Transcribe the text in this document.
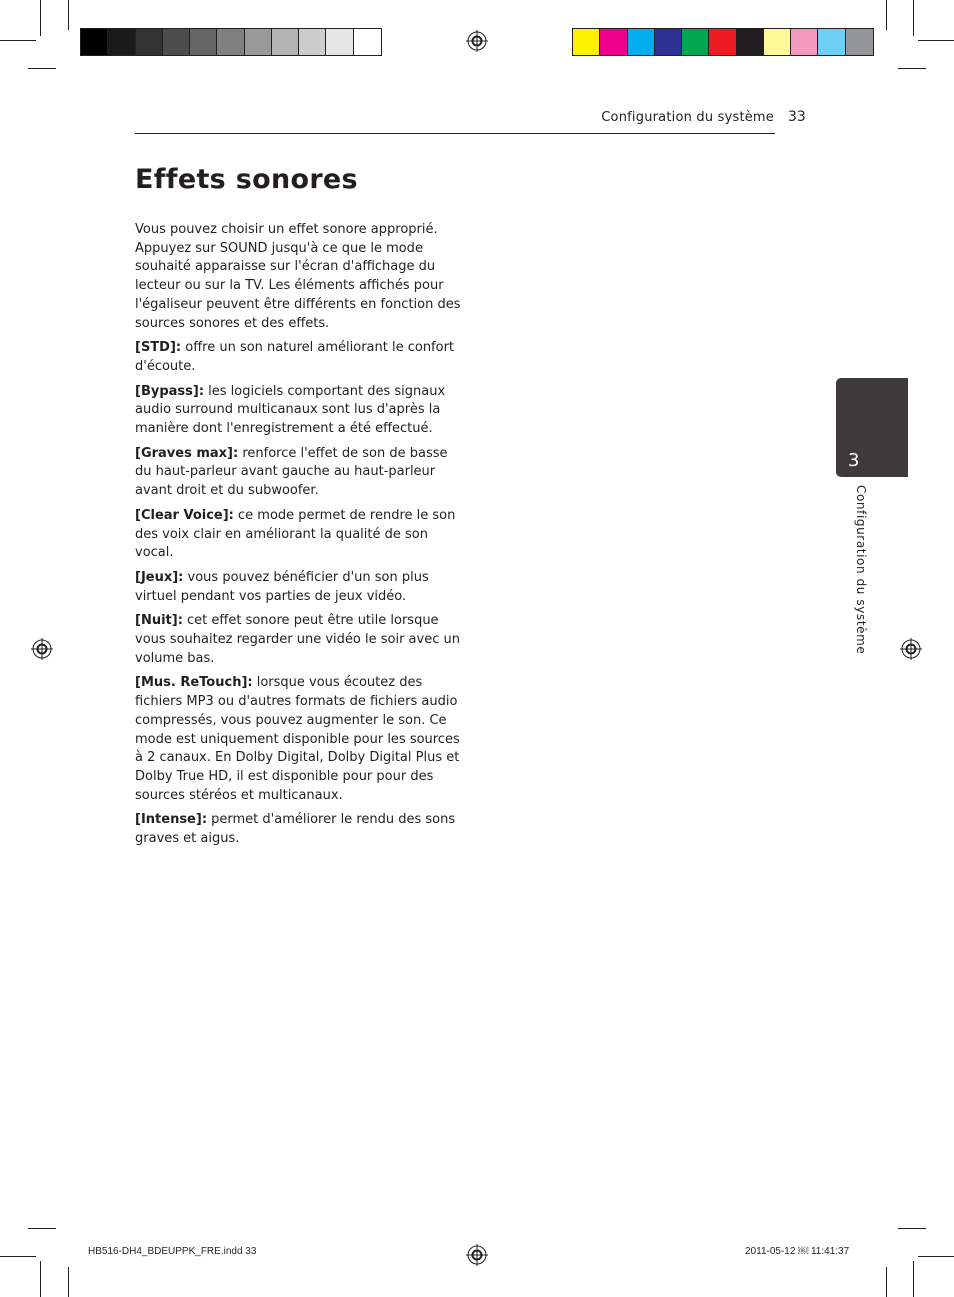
Configuration du système 33
Effets sonores

Vous pouvez choisir un effet sonore approprié. Appuyez sur SOUND jusqu'à ce que le mode souhaité apparaisse sur l'écran d'affichage du lecteur ou sur la TV. Les éléments affichés pour l'égaliseur peuvent être différents en fonction des sources sonores et des effets.

[STD]: offre un son naturel améliorant le confort d'écoute.

[Bypass]: les logiciels comportant des signaux audio surround multicanaux sont lus d'après la manière dont l'enregistrement a été effectué.

[Graves max]: renforce l'effet de son de basse du haut-parleur avant gauche au haut-parleur avant droit et du subwoofer.

[Clear Voice]: ce mode permet de rendre le son des voix clair en améliorant la qualité de son vocal.

[Jeux]: vous pouvez bénéficier d'un son plus virtuel pendant vos parties de jeux vidéo.

[Nuit]: cet effet sonore peut être utile lorsque vous souhaitez regarder une vidéo le soir avec un volume bas.

[Mus. ReTouch]: lorsque vous écoutez des fichiers MP3 ou d'autres formats de fichiers audio compressés, vous pouvez augmenter le son. Ce mode est uniquement disponible pour les sources à 2 canaux. En Dolby Digital, Dolby Digital Plus et Dolby True HD, il est disponible pour pour des sources stéréos et multicanaux.

[Intense]: permet d'améliorer le rendu des sons graves et aigus.

3
Configuration du système
HB516-DH4_BDEUPPK_FRE.indd 33	2011-05-12 ￼ 11:41:37
